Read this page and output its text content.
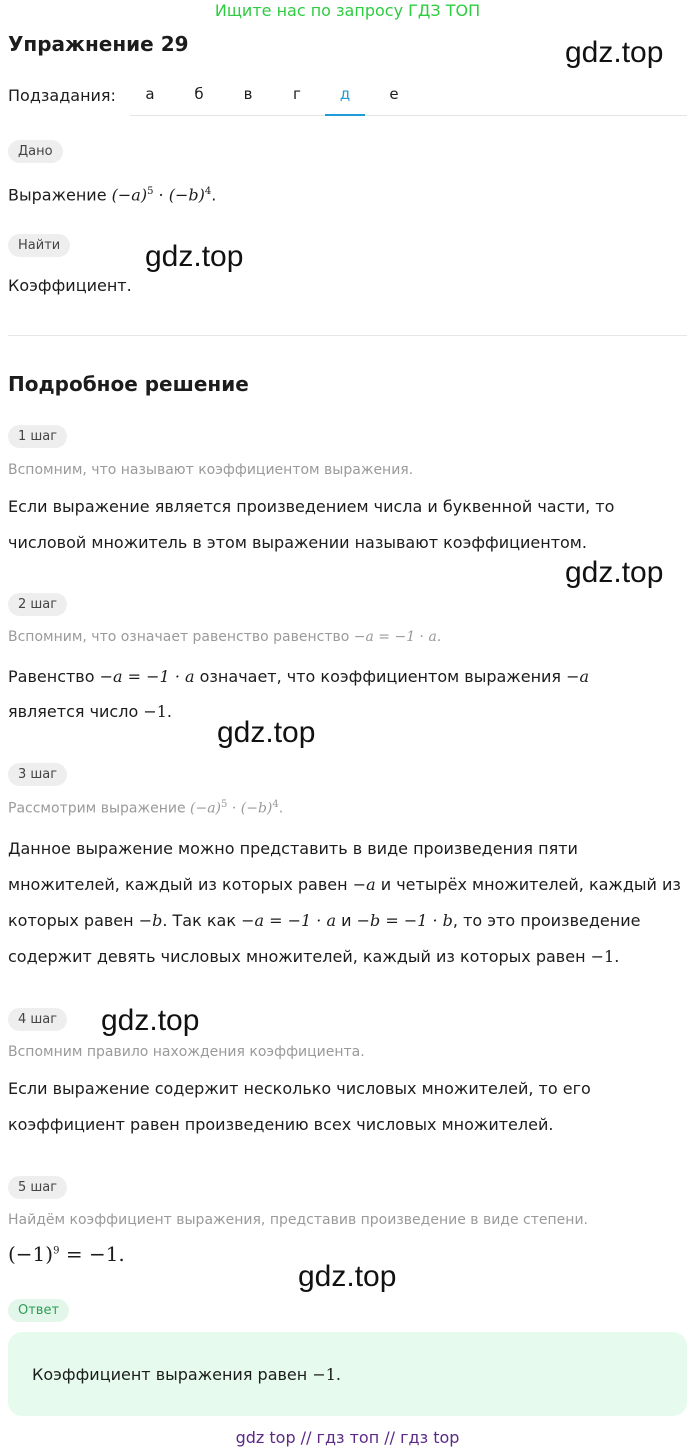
Ищите нас по запросу ГДЗ ТОП
Упражнение 29	gdz.top
Подзадания:	а	б	в	г	д	е
Дано
Выражение $(-a)^5 \cdot (-b)^4$.
Найти	gdz.top
Коэффициент.
Подробное решение
1 шаг
Вспомним, что называют коэффициентом выражения.
Если выражение является произведением числа и буквенной части, то
числовой множитель в этом выражении называют коэффициентом.
gdz.top
2 шаг
Вспомним, что означает равенство равенство −a = −1 · a.
Равенство −a = −1 · a означает, что коэффициентом выражения −a
является число −1.
gdz.top
3 шаг
Рассмотрим выражение $(-a)^5 \cdot (-b)^4$.
Данное выражение можно представить в виде произведения пяти
множителей, каждый из которых равен −a и четырёх множителей, каждый из
которых равен −b. Так как −a = −1 · a и −b = −1 · b, то это произведение
содержит девять числовых множителей, каждый из которых равен −1.
4 шаг	gdz.top
Вспомним правило нахождения коэффициента.
Если выражение содержит несколько числовых множителей, то его
коэффициент равен произведению всех числовых множителей.
5 шаг
Найдём коэффициент выражения, представив произведение в виде степени.
$(-1)^9 = -1$.
gdz.top
Ответ
Коэффициент выражения равен −1.
gdz top // гдз топ // гдз top
